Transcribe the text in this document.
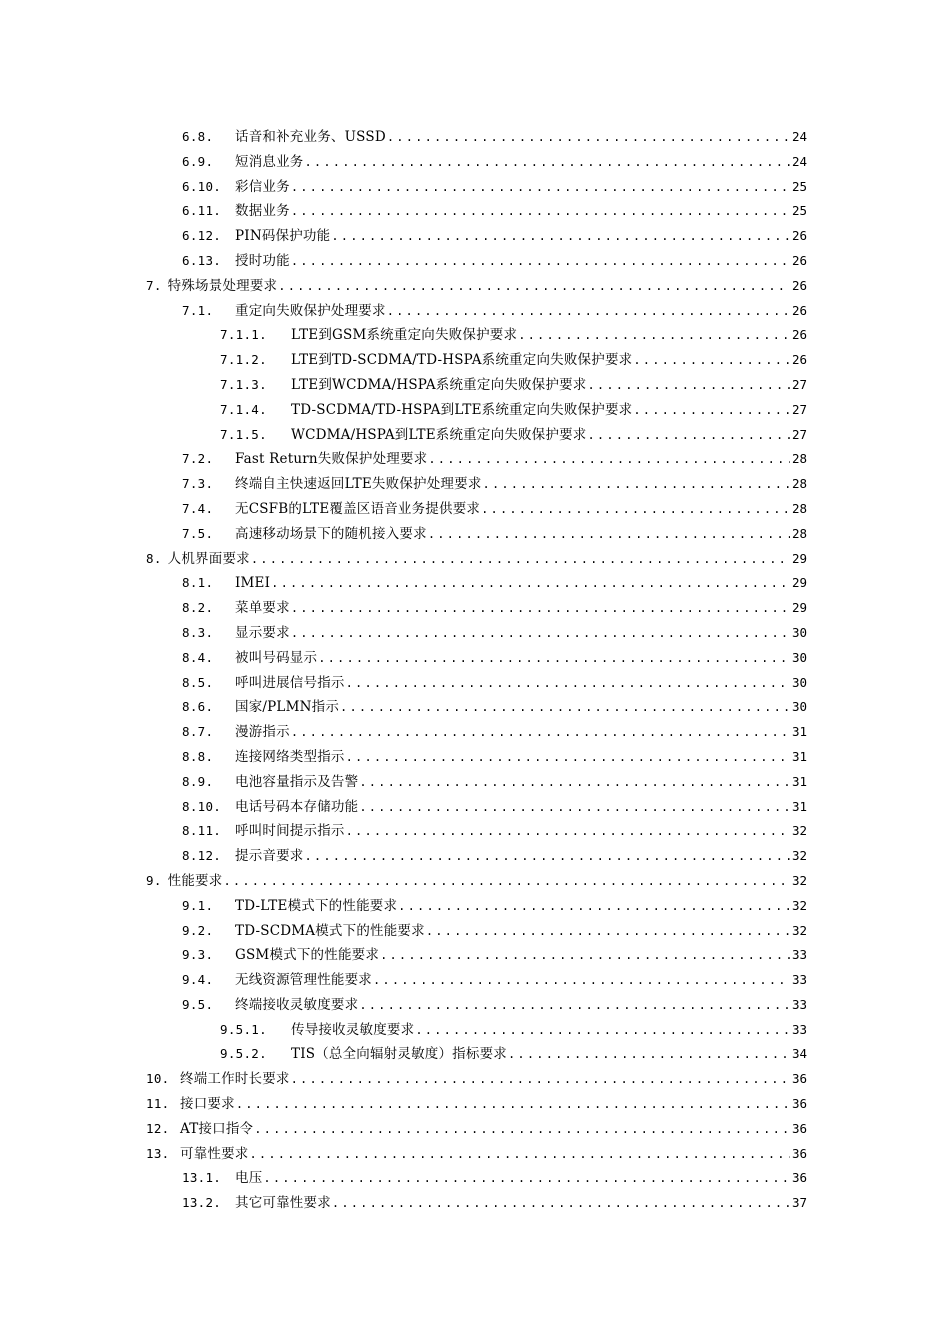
6.8.	话音和补充业务、USSD .....	24
6.9.	短消息业务 .....	24
6.10.	彩信业务 .....	25
6.11.	数据业务 .....	25
6.12.	PIN码保护功能 .....	26
6.13.	授时功能 .....	26
7. 特殊场景处理要求 .....	26
7.1.	重定向失败保护处理要求 .....	26
7.1.1.	LTE到GSM系统重定向失败保护要求 .....	26
7.1.2.	LTE到TD-SCDMA/TD-HSPA系统重定向失败保护要求 .....	26
7.1.3.	LTE到WCDMA/HSPA系统重定向失败保护要求 .....	27
7.1.4.	TD-SCDMA/TD-HSPA到LTE系统重定向失败保护要求 .....	27
7.1.5.	WCDMA/HSPA到LTE系统重定向失败保护要求 .....	27
7.2.	Fast Return失败保护处理要求 .....	28
7.3.	终端自主快速返回LTE失败保护处理要求 .....	28
7.4.	无CSFB的LTE覆盖区语音业务提供要求 .....	28
7.5.	高速移动场景下的随机接入要求 .....	28
8. 人机界面要求 .....	29
8.1.	IMEI .....	29
8.2.	菜单要求 .....	29
8.3.	显示要求 .....	30
8.4.	被叫号码显示 .....	30
8.5.	呼叫进展信号指示 .....	30
8.6.	国家/PLMN指示 .....	30
8.7.	漫游指示 .....	31
8.8.	连接网络类型指示 .....	31
8.9.	电池容量指示及告警 .....	31
8.10.	电话号码本存储功能 .....	31
8.11.	呼叫时间提示指示 .....	32
8.12.	提示音要求 .....	32
9. 性能要求 .....	32
9.1.	TD-LTE模式下的性能要求 .....	32
9.2.	TD-SCDMA模式下的性能要求 .....	32
9.3.	GSM模式下的性能要求 .....	33
9.4.	无线资源管理性能要求 .....	33
9.5.	终端接收灵敏度要求 .....	33
9.5.1.	传导接收灵敏度要求 .....	33
9.5.2.	TIS（总全向辐射灵敏度）指标要求 .....	34
10. 终端工作时长要求 .....	36
11. 接口要求 .....	36
12. AT接口指令 .....	36
13. 可靠性要求 .....	36
13.1.	电压 .....	36
13.2.	其它可靠性要求 .....	37
